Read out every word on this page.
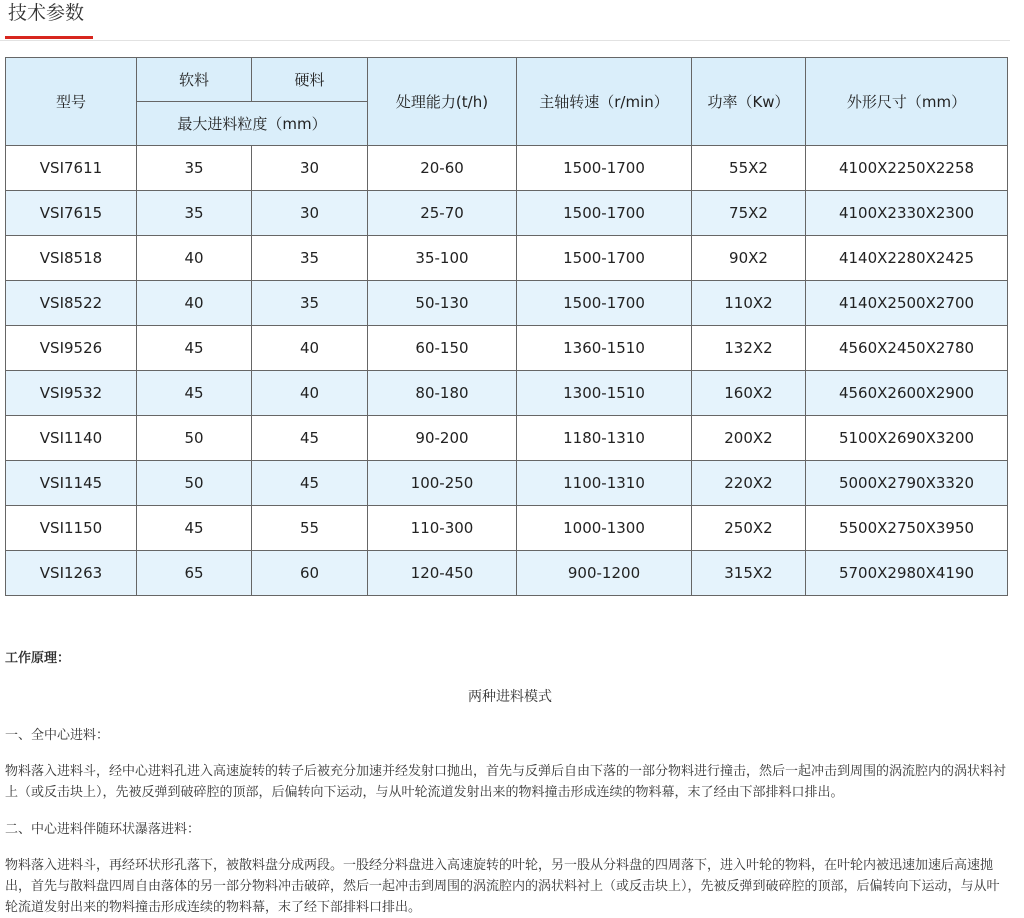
技术参数
型号	软料	硬料	处理能力(t/h)	主轴转速（r/min）	功率（Kw）	外形尺寸（mm）
	最大进料粒度（mm）					
VSI7611	35	30	20-60	1500-1700	55X2	4100X2250X2258
VSI7615	35	30	25-70	1500-1700	75X2	4100X2330X2300
VSI8518	40	35	35-100	1500-1700	90X2	4140X2280X2425
VSI8522	40	35	50-130	1500-1700	110X2	4140X2500X2700
VSI9526	45	40	60-150	1360-1510	132X2	4560X2450X2780
VSI9532	45	40	80-180	1300-1510	160X2	4560X2600X2900
VSI1140	50	45	90-200	1180-1310	200X2	5100X2690X3200
VSI1145	50	45	100-250	1100-1310	220X2	5000X2790X3320
VSI1150	45	55	110-300	1000-1300	250X2	5500X2750X3950
VSI1263	65	60	120-450	900-1200	315X2	5700X2980X4190
工作原理：
两种进料模式
一、全中心进料：
物料落入进料斗，经中心进料孔进入高速旋转的转子后被充分加速并经发射口抛出，首先与反弹后自由下落的一部分物料进行撞击，然后一起冲击到周围的涡流腔内的涡状料衬上（或反击块上），先被反弹到破碎腔的顶部，后偏转向下运动，与从叶轮流道发射出来的物料撞击形成连续的物料幕，末了经由下部排料口排出。
二、中心进料伴随环状瀑落进料：
物料落入进料斗，再经环状形孔落下，被散料盘分成两段。一股经分料盘进入高速旋转的叶轮，另一股从分料盘的四周落下，进入叶轮的物料，在叶轮内被迅速加速后高速抛出，首先与散料盘四周自由落体的另一部分物料冲击破碎，然后一起冲击到周围的涡流腔内的涡状料衬上（或反击块上），先被反弹到破碎腔的顶部，后偏转向下运动，与从叶轮流道发射出来的物料撞击形成连续的物料幕，末了经下部排料口排出。
